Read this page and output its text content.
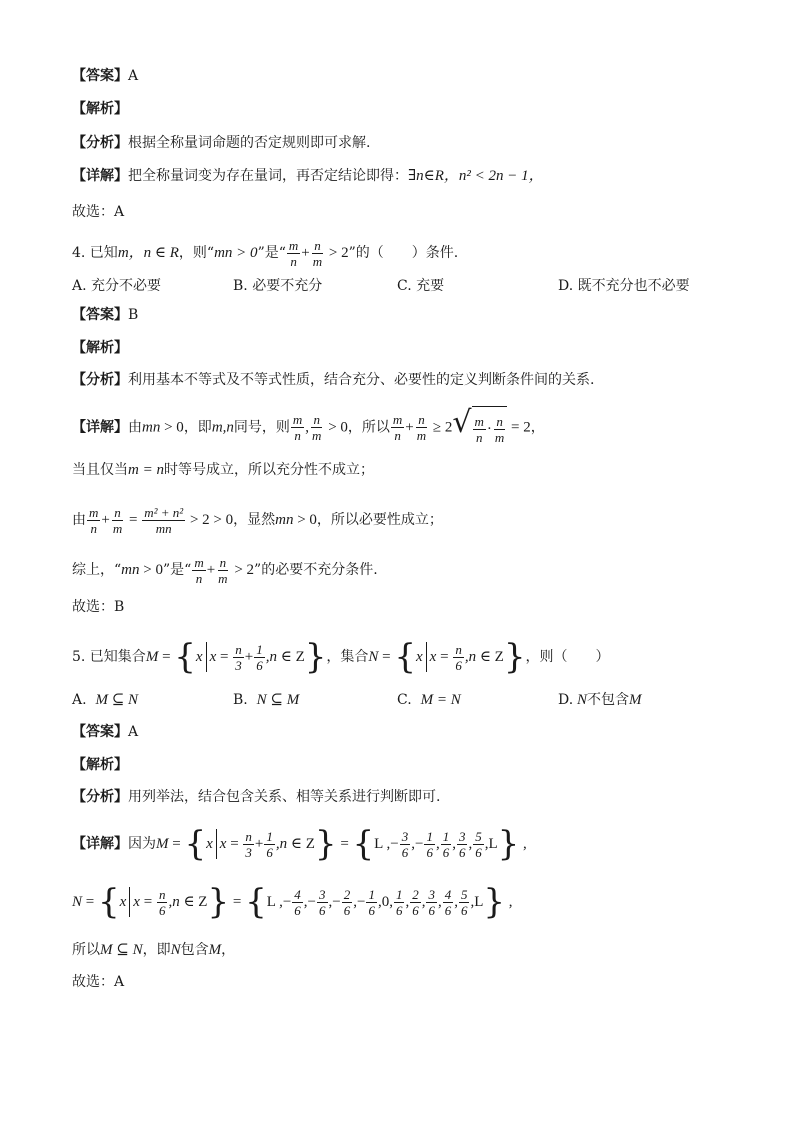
【答案】A
【解析】
【分析】根据全称量词命题的否定规则即可求解.
【详解】把全称量词变为存在量词，再否定结论即得：∃n∈R，n² < 2n − 1，
故选：A
4. 已知m，n ∈ R，则“mn > 0”是“ $\frac{m}{n} + \frac{n}{m} > 2$”的（　　）条件.
A. 充分不必要	B. 必要不充分	C. 充要	D. 既不充分也不必要
【答案】B
【解析】
【分析】利用基本不等式及不等式性质，结合充分、必要性的定义判断条件间的关系.
【详解】由mn > 0，即m,n同号，则 $\frac{m}{n}$ , $\frac{n}{m} > 0$，所以 $\frac{m}{n} + \frac{n}{m} \ge 2$ √ $\frac{m}{n} \cdot \frac{n}{m} = 2$，
当且仅当m = n时等号成立，所以充分性不成立；
由 $\frac{m}{n} + \frac{n}{m} = \frac{\text{m² + n²}}{mn} > 2 > 0$，显然mn > 0，所以必要性成立；
综上，“mn > 0”是“ $\frac{m}{n} + \frac{n}{m} > 2$”的必要不充分条件.
故选：B
5. 已知集合M = {x $x = \frac{n}{3} + \frac{1}{6} ,n$ ∈ Z}，集合N = {x $x = \frac{n}{6} ,n$ ∈ Z}，则（　　）
A. M ⊆ N	B. N ⊆ M	C. M = N	D. N不包含M
【答案】A
【解析】
【分析】用列举法，结合包含关系、相等关系进行判断即可.
【详解】因为M = {x $x = \frac{n}{3} + \frac{1}{6} ,n$ ∈ Z} = {L ,− $\frac{3}{6}$ ,− $\frac{1}{6}$ , $\frac{1}{6}$ , $\frac{3}{6}$ , $\frac{5}{6} ,L$} ,
N = {x $x = \frac{n}{6} ,n$ ∈ Z} = {L ,− $\frac{4}{6}$ ,− $\frac{3}{6}$ ,− $\frac{2}{6}$ ,− $\frac{1}{6} ,0$, $\frac{1}{6}$ , $\frac{2}{6}$ , $\frac{3}{6}$ , $\frac{4}{6}$ , $\frac{5}{6} ,L$} ,
所以M ⊆ N，即N包含M，
故选：A
